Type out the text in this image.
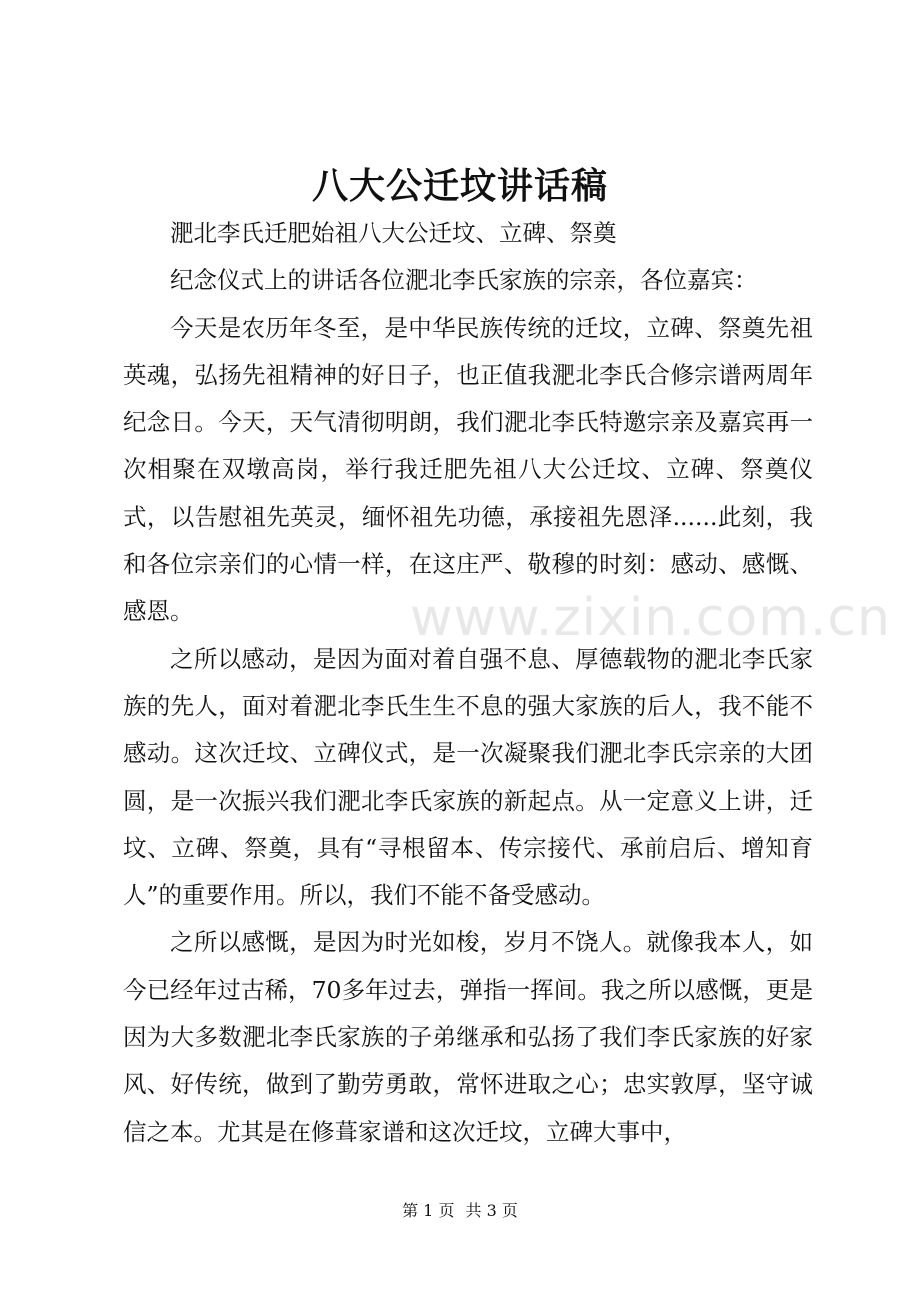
八大公迁坟讲话稿

淝北李氏迁肥始祖八大公迁坟、立碑、祭奠

纪念仪式上的讲话各位淝北李氏家族的宗亲，各位嘉宾：

今天是农历年冬至，是中华民族传统的迁坟，立碑、祭奠先祖英魂，弘扬先祖精神的好日子，也正值我淝北李氏合修宗谱两周年纪念日。今天，天气清彻明朗，我们淝北李氏特邀宗亲及嘉宾再一次相聚在双墩高岗，举行我迁肥先祖八大公迁坟、立碑、祭奠仪式，以告慰祖先英灵，缅怀祖先功德，承接祖先恩泽......此刻，我和各位宗亲们的心情一样，在这庄严、敬穆的时刻：感动、感慨、感恩。

之所以感动，是因为面对着自强不息、厚德载物的淝北李氏家族的先人，面对着淝北李氏生生不息的强大家族的后人，我不能不感动。这次迁坟、立碑仪式，是一次凝聚我们淝北李氏宗亲的大团圆，是一次振兴我们淝北李氏家族的新起点。从一定意义上讲，迁坟、立碑、祭奠，具有“寻根留本、传宗接代、承前启后、增知育人”的重要作用。所以，我们不能不备受感动。

之所以感慨，是因为时光如梭，岁月不饶人。就像我本人，如今已经年过古稀，70多年过去，弹指一挥间。我之所以感慨，更是因为大多数淝北李氏家族的子弟继承和弘扬了我们李氏家族的好家风、好传统，做到了勤劳勇敢，常怀进取之心；忠实敦厚，坚守诚信之本。尤其是在修葺家谱和这次迁坟，立碑大事中，

www.zixin.com.cn
第 1 页 共 3 页
